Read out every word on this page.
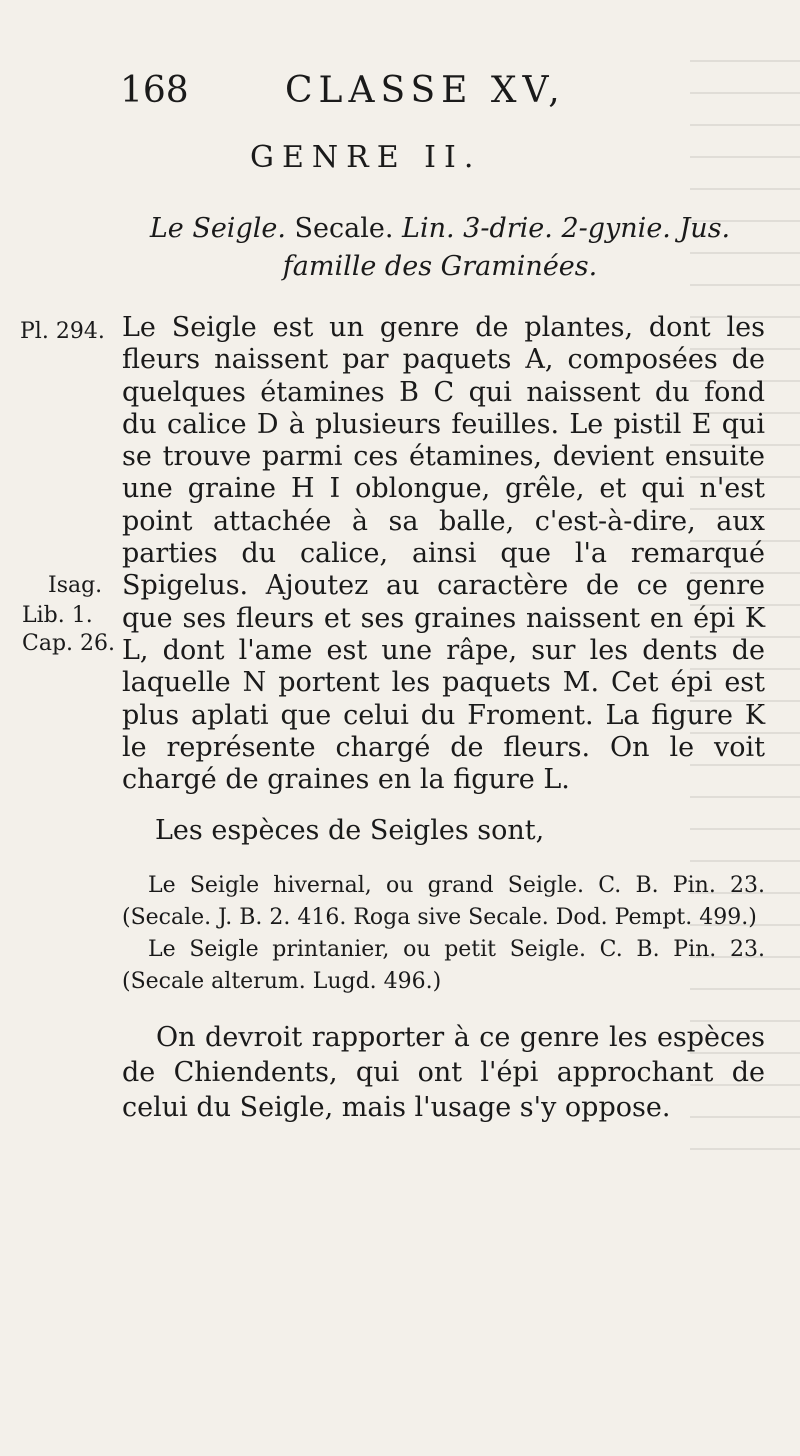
168	CLASSE XV,
GENRE II.
Le Seigle. Secale. Lin. 3-drie. 2-gynie. Jus.
famille des Graminées.
Pl. 294.
Isag.
Lib. 1.
Cap. 26.
Le Seigle est un genre de plantes, dont les fleurs naissent par paquets A, composées de quelques étamines B C qui naissent du fond du calice D à plusieurs feuilles. Le pistil E qui se trouve parmi ces étamines, devient ensuite une graine H I oblongue, grêle, et qui n'est point attachée à sa balle, c'est-à-dire, aux parties du calice, ainsi que l'a remarqué Spigelus. Ajoutez au caractère de ce genre que ses fleurs et ses graines naissent en épi K L, dont l'ame est une râpe, sur les dents de laquelle N portent les paquets M. Cet épi est plus aplati que celui du Froment. La figure K le représente chargé de fleurs. On le voit chargé de graines en la figure L.
Les espèces de Seigles sont,
Le Seigle hivernal, ou grand Seigle. C. B. Pin. 23. (Secale. J. B. 2. 416. Roga sive Secale. Dod. Pempt. 499.)
Le Seigle printanier, ou petit Seigle. C. B. Pin. 23. (Secale alterum. Lugd. 496.)
On devroit rapporter à ce genre les espèces de Chiendents, qui ont l'épi approchant de celui du Seigle, mais l'usage s'y oppose.
